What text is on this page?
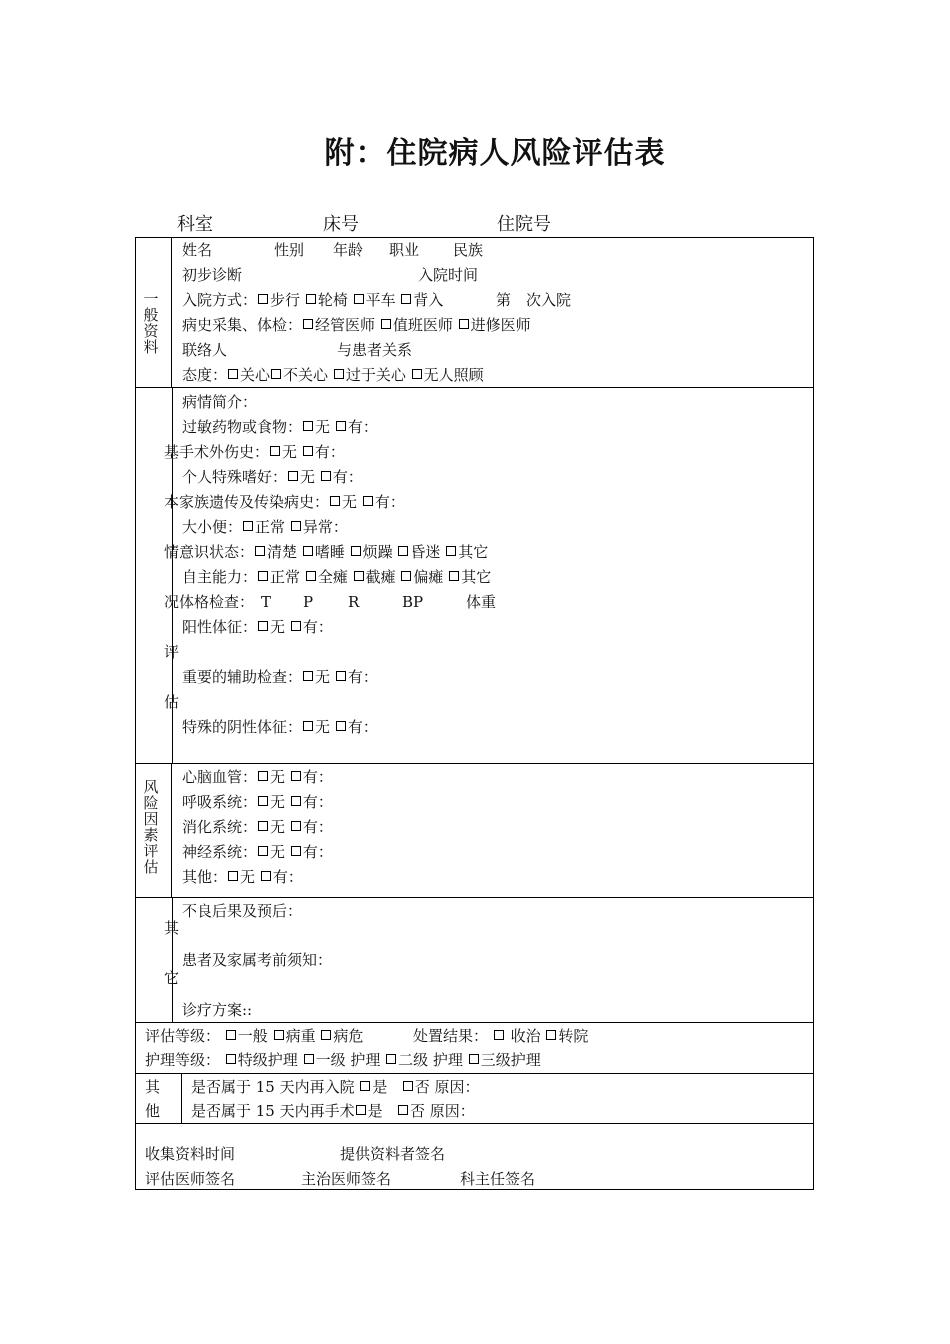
附：住院病人风险评估表
科室	床号	住院号
一
般
资
料
姓名	性别 年龄 职业 民族
初步诊断	入院时间
入院方式： 步行 轮椅 平车 背入	第　次入院
病史采集、体检： 经管医师 值班医师 进修医师
联络人	与患者关系
态度： 关心 不关心 过于关心 无人照顾
病情简介：
过敏药物或食物： 无 有：
基手术外伤史： 无 有：
个人特殊嗜好： 无 有：
本家族遗传及传染病史： 无 有：
大小便： 正常 异常：
情意识状态： 清楚 嗜睡 烦躁 昏迷 其它
自主能力： 正常 全瘫 截瘫 偏瘫 其它
况体格检查： T P R	BP	体重
阳性体征： 无 有：
评
重要的辅助检查： 无 有：
估
特殊的阴性体征： 无 有：
风
险
因
素
评
估
心脑血管： 无 有：
呼吸系统： 无 有：
消化系统： 无 有：
神经系统： 无 有：
其他： 无 有：
不良后果及预后：
其
患者及家属考前须知：
它
诊疗方案::
评估等级： 一般 病重 病危	处置结果： 收治 转院
护理等级： 特级护理 一级 护理 二级 护理 三级护理
其
他
是否属于 15 天内再入院 是 否 原因：
是否属于 15 天内再手术 是 否 原因：
收集资料时间	提供资料者签名
评估医师签名	主治医师签名	科主任签名
